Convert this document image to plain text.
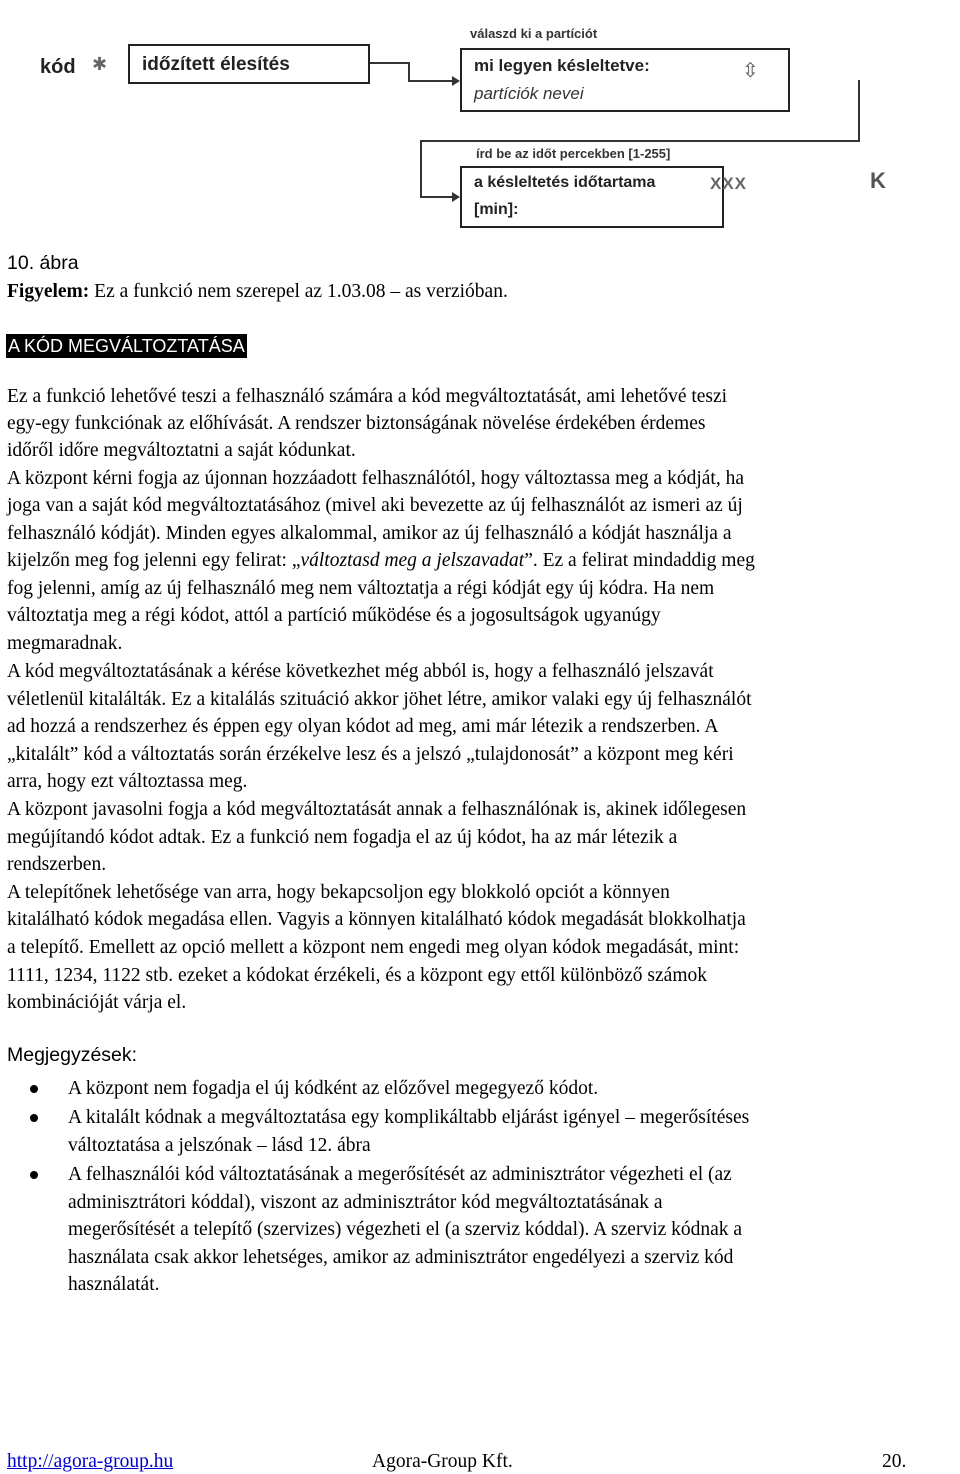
kód ✱ időzített élesítés
válaszd ki a partíciót
mi legyen késleltetve:
partíciók nevei
⇳
írd be az időt percekben [1-255]
a késleltetés időtartama
[min]:
XXX	K
10. ábra
Figyelem: Ez a funkció nem szerepel az 1.03.08 – as verzióban.
A KÓD MEGVÁLTOZTATÁSA
Ez a funkció lehetővé teszi a felhasználó számára a kód megváltoztatását, ami lehetővé teszi
egy-egy funkciónak az előhívását. A rendszer biztonságának növelése érdekében érdemes
időről időre megváltoztatni a saját kódunkat.
A központ kérni fogja az újonnan hozzáadott felhasználótól, hogy változtassa meg a kódját, ha
joga van a saját kód megváltoztatásához (mivel aki bevezette az új felhasználót az ismeri az új
felhasználó kódját). Minden egyes alkalommal, amikor az új felhasználó a kódját használja a
kijelzőn meg fog jelenni egy felirat: „változtasd meg a jelszavadat”. Ez a felirat mindaddig meg
fog jelenni, amíg az új felhasználó meg nem változtatja a régi kódját egy új kódra. Ha nem
változtatja meg a régi kódot, attól a partíció működése és a jogosultságok ugyanúgy
megmaradnak.
A kód megváltoztatásának a kérése következhet még abból is, hogy a felhasználó jelszavát
véletlenül kitalálták. Ez a kitalálás szituáció akkor jöhet létre, amikor valaki egy új felhasználót
ad hozzá a rendszerhez és éppen egy olyan kódot ad meg, ami már létezik a rendszerben. A
„kitalált” kód a változtatás során érzékelve lesz és a jelszó „tulajdonosát” a központ meg kéri
arra, hogy ezt változtassa meg.
A központ javasolni fogja a kód megváltoztatását annak a felhasználónak is, akinek időlegesen
megújítandó kódot adtak. Ez a funkció nem fogadja el az új kódot, ha az már létezik a
rendszerben.
A telepítőnek lehetősége van arra, hogy bekapcsoljon egy blokkoló opciót a könnyen
kitalálható kódok megadása ellen. Vagyis a könnyen kitalálható kódok megadását blokkolhatja
a telepítő. Emellett az opció mellett a központ nem engedi meg olyan kódok megadását, mint:
1111, 1234, 1122 stb. ezeket a kódokat érzékeli, és a központ egy ettől különböző számok
kombinációját várja el.
Megjegyzések:
A központ nem fogadja el új kódként az előzővel megegyező kódot.
A kitalált kódnak a megváltoztatása egy komplikáltabb eljárást igényel – megerősítéses
változtatása a jelszónak – lásd 12. ábra
A felhasználói kód változtatásának a megerősítését az adminisztrátor végezheti el (az
adminisztrátori kóddal), viszont az adminisztrátor kód megváltoztatásának a
megerősítését a telepítő (szervizes) végezheti el (a szerviz kóddal). A szerviz kódnak a
használata csak akkor lehetséges, amikor az adminisztrátor engedélyezi a szerviz kód
használatát.
http://agora-group.hu	Agora-Group Kft.	20.
